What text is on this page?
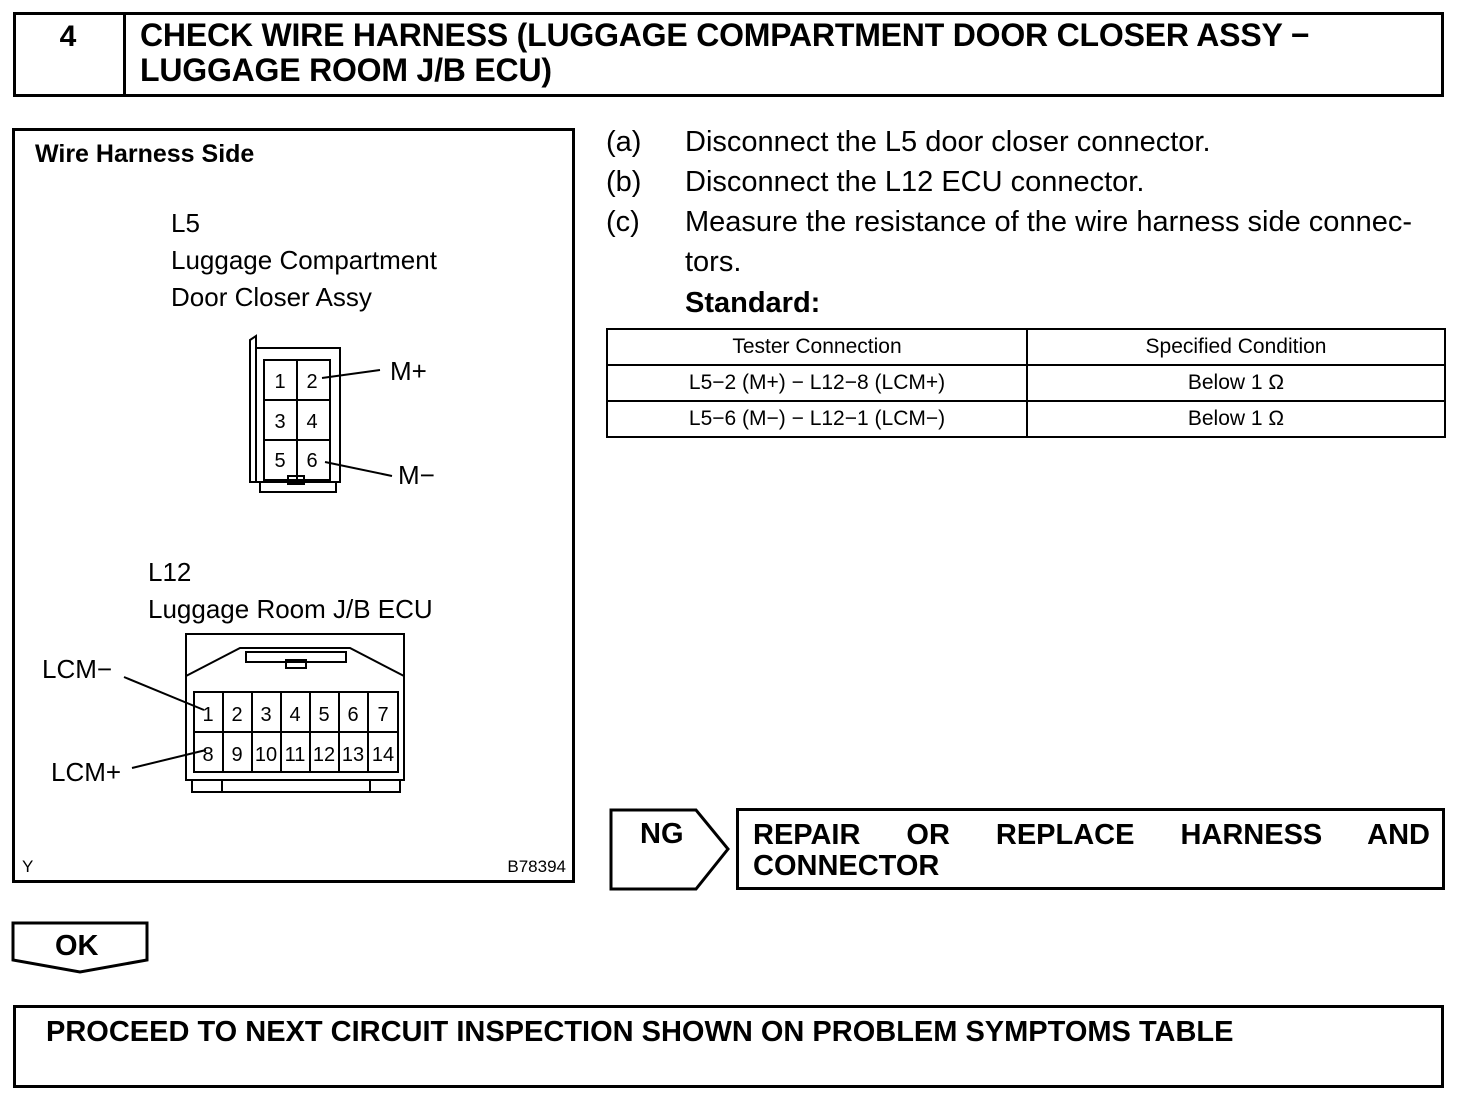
4	CHECK WIRE HARNESS (LUGGAGE COMPARTMENT DOOR CLOSER ASSY − LUGGAGE ROOM J/B ECU)
Wire Harness Side
L5
Luggage Compartment
Door Closer Assy
1 2
3 4
5 6
M+
M−
L12
Luggage Room J/B ECU
1 2 3 4 5 6 7
8 9 10 11 12 13 14
LCM−
LCM+
Y	B78394
(a) Disconnect the L5 door closer connector.
(b) Disconnect the L12 ECU connector.
(c) Measure the resistance of the wire harness side connec-tors.
Standard:
Tester Connection	Specified Condition
L5−2 (M+) − L12−8 (LCM+)	Below 1 Ω
L5−6 (M−) − L12−1 (LCM−)	Below 1 Ω
NG	REPAIR OR REPLACE HARNESS AND CONNECTOR
OK
PROCEED TO NEXT CIRCUIT INSPECTION SHOWN ON PROBLEM SYMPTOMS TABLE
